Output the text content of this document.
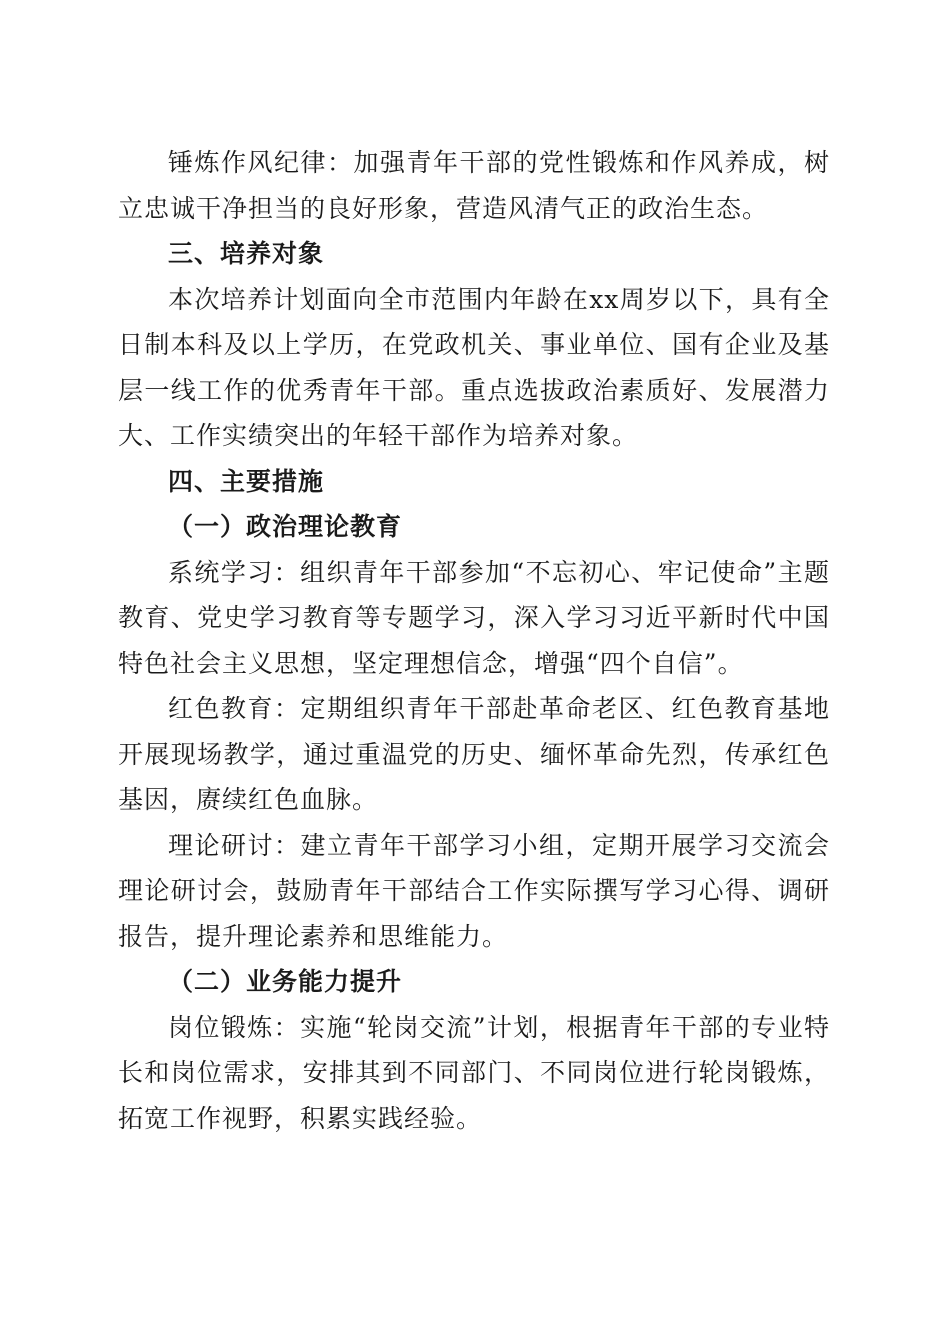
锤炼作风纪律：加强青年干部的党性锻炼和作风养成，树立忠诚干净担当的良好形象，营造风清气正的政治生态。

三、培养对象

本次培养计划面向全市范围内年龄在xx周岁以下，具有全日制本科及以上学历，在党政机关、事业单位、国有企业及基层一线工作的优秀青年干部。重点选拔政治素质好、发展潜力大、工作实绩突出的年轻干部作为培养对象。

四、主要措施

（一）政治理论教育

系统学习：组织青年干部参加“不忘初心、牢记使命”主题教育、党史学习教育等专题学习，深入学习习近平新时代中国特色社会主义思想，坚定理想信念，增强“四个自信”。

红色教育：定期组织青年干部赴革命老区、红色教育基地开展现场教学，通过重温党的历史、缅怀革命先烈，传承红色基因，赓续红色血脉。

理论研讨：建立青年干部学习小组，定期开展学习交流会理论研讨会，鼓励青年干部结合工作实际撰写学习心得、调研报告，提升理论素养和思维能力。

（二）业务能力提升

岗位锻炼：实施“轮岗交流”计划，根据青年干部的专业特长和岗位需求，安排其到不同部门、不同岗位进行轮岗锻炼，拓宽工作视野，积累实践经验。
